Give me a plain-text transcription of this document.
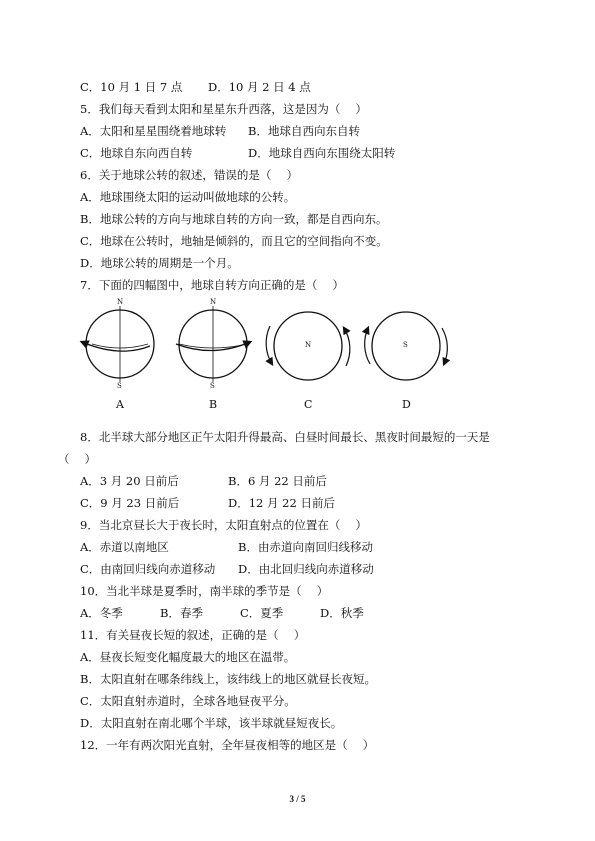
C．10 月 1 日 7 点 D．10 月 2 日 4 点
5．我们每天看到太阳和星星东升西落，这是因为（　 ）
A．太阳和星星围绕着地球转 B．地球自西向东自转
C．地球自东向西自转	D．地球自西向东围绕太阳转
6．关于地球公转的叙述，错误的是（　 ）
A．地球围绕太阳的运动叫做地球的公转。
B．地球公转的方向与地球自转的方向一致，都是自西向东。
C．地球在公转时，地轴是倾斜的，而且它的空间指向不变。
D．地球公转的周期是一个月。
7．下面的四幅图中，地球自转方向正确的是（　 ）
N
S
A
N
S
B
N
C
S
D
8．北半球大部分地区正午太阳升得最高、白昼时间最长、黑夜时间最短的一天是
（　 ）
A．3 月 20 日前后	B．6 月 22 日前后
C．9 月 23 日前后	D．12 月 22 日前后
9．当北京昼长大于夜长时，太阳直射点的位置在（　 ）
A．赤道以南地区	B．由赤道向南回归线移动
C．由南回归线向赤道移动 D．由北回归线向赤道移动
10．当北半球是夏季时，南半球的季节是（　 ）
A．冬季	B．春季	C．夏季	D．秋季
11．有关昼夜长短的叙述，正确的是（　 ）
A．昼夜长短变化幅度最大的地区在温带。
B．太阳直射在哪条纬线上，该纬线上的地区就昼长夜短。
C．太阳直射赤道时，全球各地昼夜平分。
D．太阳直射在南北哪个半球，该半球就昼短夜长。
12．一年有两次阳光直射，全年昼夜相等的地区是（　 ）
3 / 5
